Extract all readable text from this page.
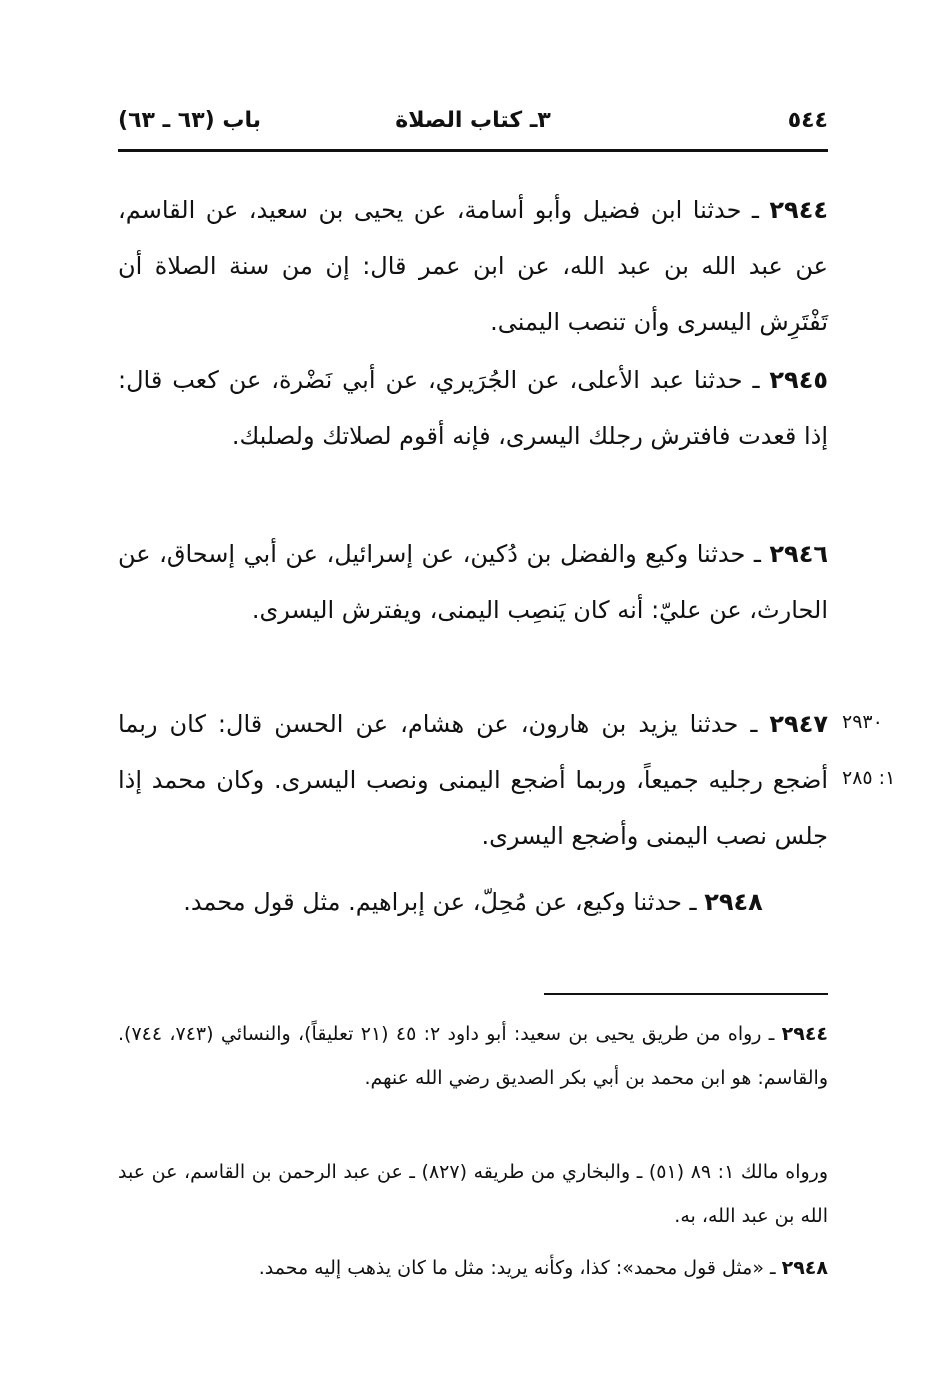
٥٤٤
٣ـ كتاب الصلاة
باب (٦٣ ـ ٦٣)
٢٩٤٤ ـ حدثنا ابن فضيل وأبو أسامة، عن يحيى بن سعيد، عن القاسم، عن عبد الله بن عبد الله، عن ابن عمر قال: إن من سنة الصلاة أن تَفْتَرِش اليسرى وأن تنصب اليمنى.
٢٩٤٥ ـ حدثنا عبد الأعلى، عن الجُرَيري، عن أبي نَضْرة، عن كعب قال: إذا قعدت فافترش رجلك اليسرى، فإنه أقوم لصلاتك ولصلبك.
٢٩٤٦ ـ حدثنا وكيع والفضل بن دُكين، عن إسرائيل، عن أبي إسحاق، عن الحارث، عن عليّ: أنه كان يَنصِب اليمنى، ويفترش اليسرى.
٢٩٤٧ ـ حدثنا يزيد بن هارون، عن هشام، عن الحسن قال: كان ربما أضجع رجليه جميعاً، وربما أضجع اليمنى ونصب اليسرى. وكان محمد إذا جلس نصب اليمنى وأضجع اليسرى.
٢٩٣٠
١: ٢٨٥
٢٩٤٨ ـ حدثنا وكيع، عن مُحِلّ، عن إبراهيم. مثل قول محمد.
٢٩٤٤ ـ رواه من طريق يحيى بن سعيد: أبو داود ٢: ٤٥ (٢١ تعليقاً)، والنسائي (٧٤٣، ٧٤٤). والقاسم: هو ابن محمد بن أبي بكر الصديق رضي الله عنهم.
ورواه مالك ١: ٨٩ (٥١) ـ والبخاري من طريقه (٨٢٧) ـ عن عبد الرحمن بن القاسم، عن عبد الله بن عبد الله، به.
٢٩٤٨ ـ «مثل قول محمد»: كذا، وكأنه يريد: مثل ما كان يذهب إليه محمد.
